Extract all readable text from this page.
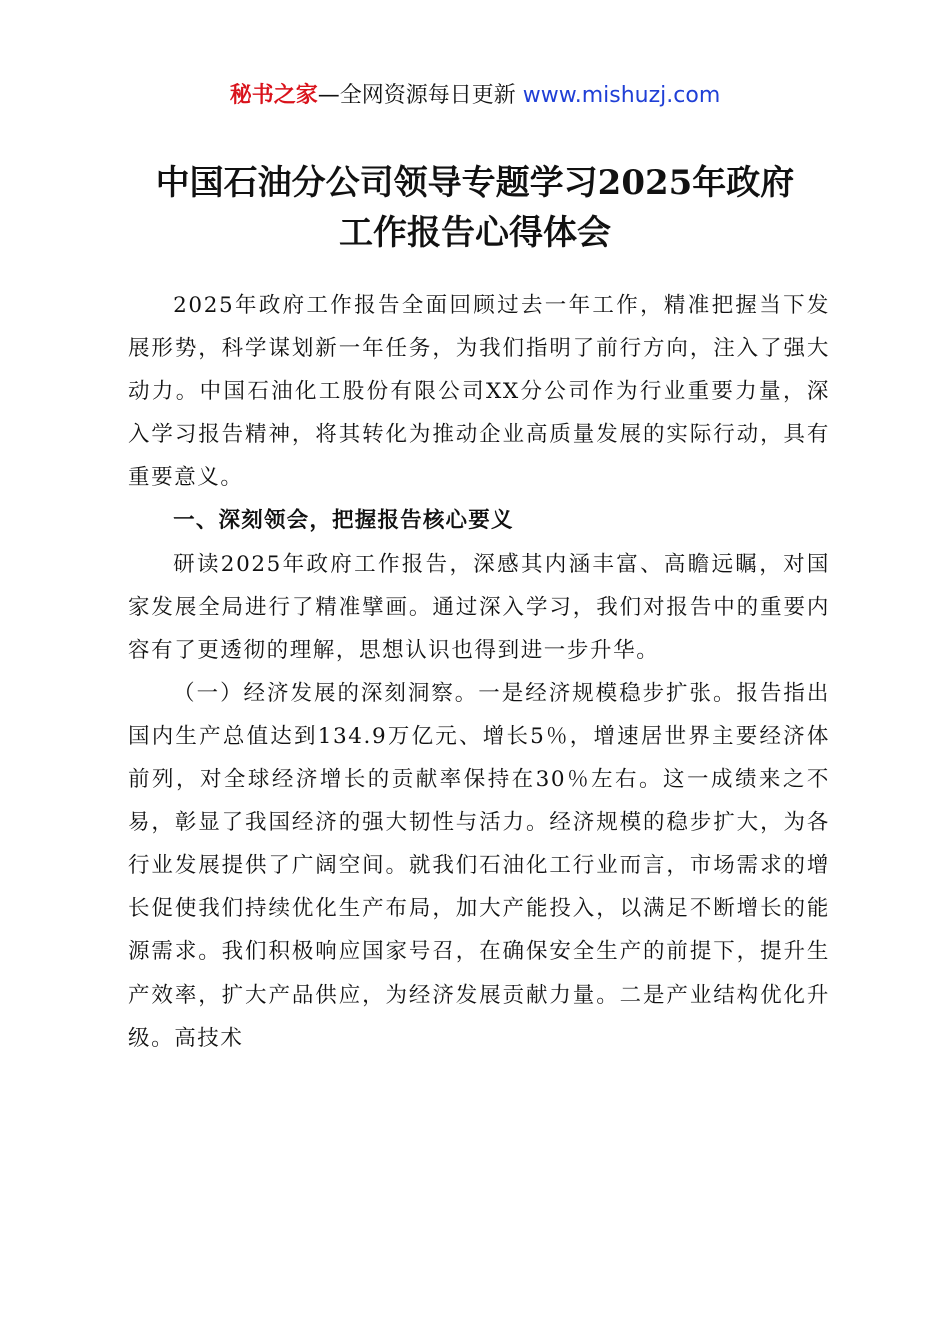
秘书之家—全网资源每日更新 www.mishuzj.com
中国石油分公司领导专题学习2025年政府
工作报告心得体会

2025年政府工作报告全面回顾过去一年工作，精准把握当下发展形势，科学谋划新一年任务，为我们指明了前行方向，注入了强大动力。中国石油化工股份有限公司XX分公司作为行业重要力量，深入学习报告精神，将其转化为推动企业高质量发展的实际行动，具有重要意义。

一、深刻领会，把握报告核心要义

研读2025年政府工作报告，深感其内涵丰富、高瞻远瞩，对国家发展全局进行了精准擘画。通过深入学习，我们对报告中的重要内容有了更透彻的理解，思想认识也得到进一步升华。

（一）经济发展的深刻洞察。一是经济规模稳步扩张。报告指出国内生产总值达到134.9万亿元、增长5％，增速居世界主要经济体前列，对全球经济增长的贡献率保持在30％左右。这一成绩来之不易，彰显了我国经济的强大韧性与活力。经济规模的稳步扩大，为各行业发展提供了广阔空间。就我们石油化工行业而言，市场需求的增长促使我们持续优化生产布局，加大产能投入，以满足不断增长的能源需求。我们积极响应国家号召，在确保安全生产的前提下，提升生产效率，扩大产品供应，为经济发展贡献力量。二是产业结构优化升级。高技术
